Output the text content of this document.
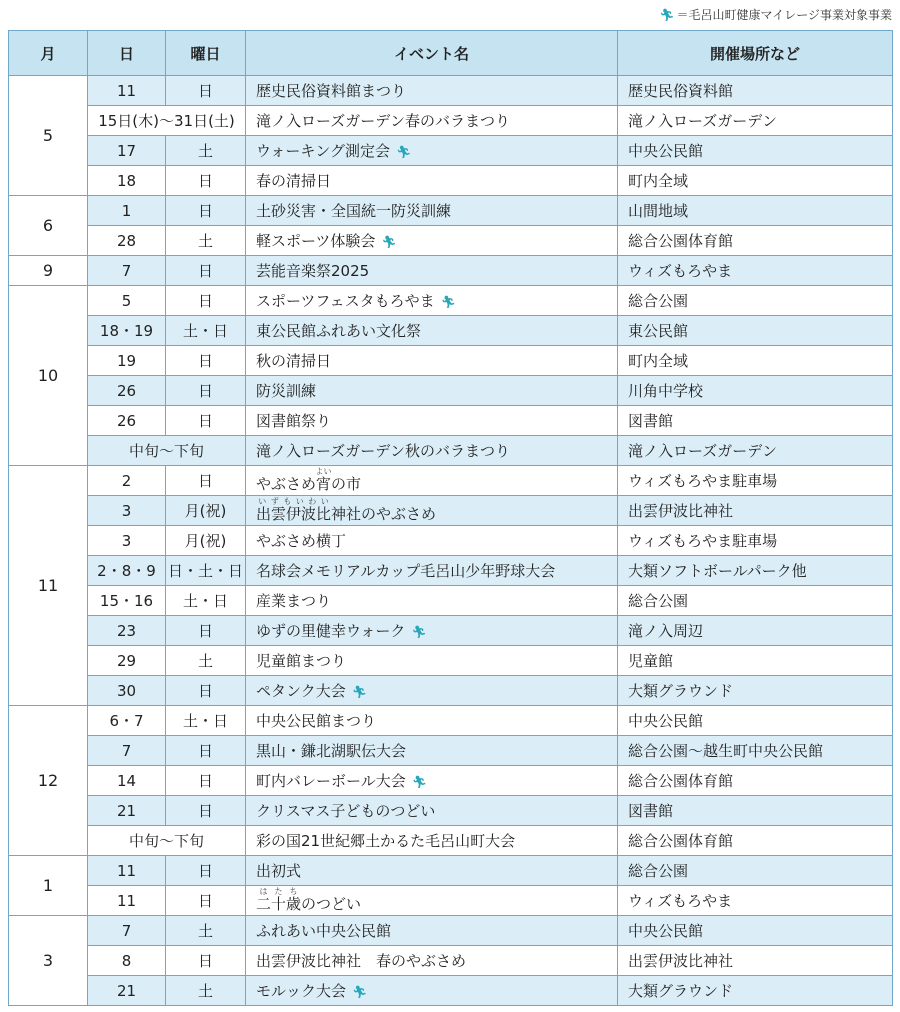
🏃︎ ＝毛呂山町健康マイレージ事業対象事業
月	日	曜日	イベント名	開催場所など
5	11	日	歴史民俗資料館まつり	歴史民俗資料館
	15日(木)～31日(土)		滝ノ入ローズガーデン春のバラまつり	滝ノ入ローズガーデン
	17	土	ウォーキング測定会 🏃︎	中央公民館
	18	日	春の清掃日	町内全域
6	1	日	土砂災害・全国統一防災訓練	山間地域
	28	土	軽スポーツ体験会 🏃︎	総合公園体育館
9	7	日	芸能音楽祭2025	ウィズもろやま
10	5	日	スポーツフェスタもろやま 🏃︎	総合公園
	18・19	土・日	東公民館ふれあい文化祭	東公民館
	19	日	秋の清掃日	町内全域
	26	日	防災訓練	川角中学校
	26	日	図書館祭り	図書館
	中旬～下旬		滝ノ入ローズガーデン秋のバラまつり	滝ノ入ローズガーデン
11	2	日	やぶさめ宵よいの市	ウィズもろやま駐車場
	3	月(祝)	出雲伊波比いずもいわい神社のやぶさめ	出雲伊波比神社
	3	月(祝)	やぶさめ横丁	ウィズもろやま駐車場
	2・8・9	日・土・日	名球会メモリアルカップ毛呂山少年野球大会	大類ソフトボールパーク他
	15・16	土・日	産業まつり	総合公園
	23	日	ゆずの里健幸ウォーク 🏃︎	滝ノ入周辺
	29	土	児童館まつり	児童館
	30	日	ペタンク大会 🏃︎	大類グラウンド
12	6・7	土・日	中央公民館まつり	中央公民館
	7	日	黒山・鎌北湖駅伝大会	総合公園～越生町中央公民館
	14	日	町内バレーボール大会 🏃︎	総合公園体育館
	21	日	クリスマス子どものつどい	図書館
	中旬～下旬		彩の国21世紀郷土かるた毛呂山町大会	総合公園体育館
1	11	日	出初式	総合公園
	11	日	二十歳はたちのつどい	ウィズもろやま
3	7	土	ふれあい中央公民館	中央公民館
	8	日	出雲伊波比神社　春のやぶさめ	出雲伊波比神社
	21	土	モルック大会 🏃︎	大類グラウンド
